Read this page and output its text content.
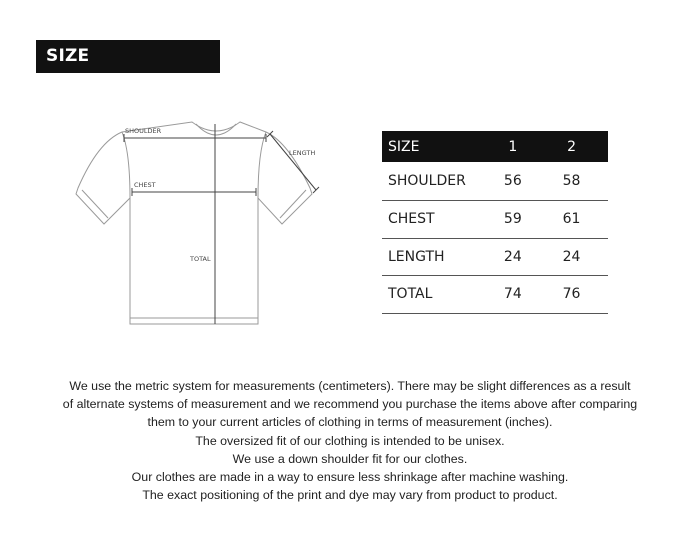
SIZE INFORMATION
SHOULDER
LENGTH
CHEST
TOTAL
SIZE	1	2
SHOULDER	56	58
CHEST	59	61
LENGTH	24	24
TOTAL	74	76

We use the metric system for measurements (centimeters). There may be slight differences as a result

of alternate systems of measurement and we recommend you purchase the items above after comparing

them to your current articles of clothing in terms of measurement (inches).

The oversized fit of our clothing is intended to be unisex.

We use a down shoulder fit for our clothes.

Our clothes are made in a way to ensure less shrinkage after machine washing.

The exact positioning of the print and dye may vary from product to product.
